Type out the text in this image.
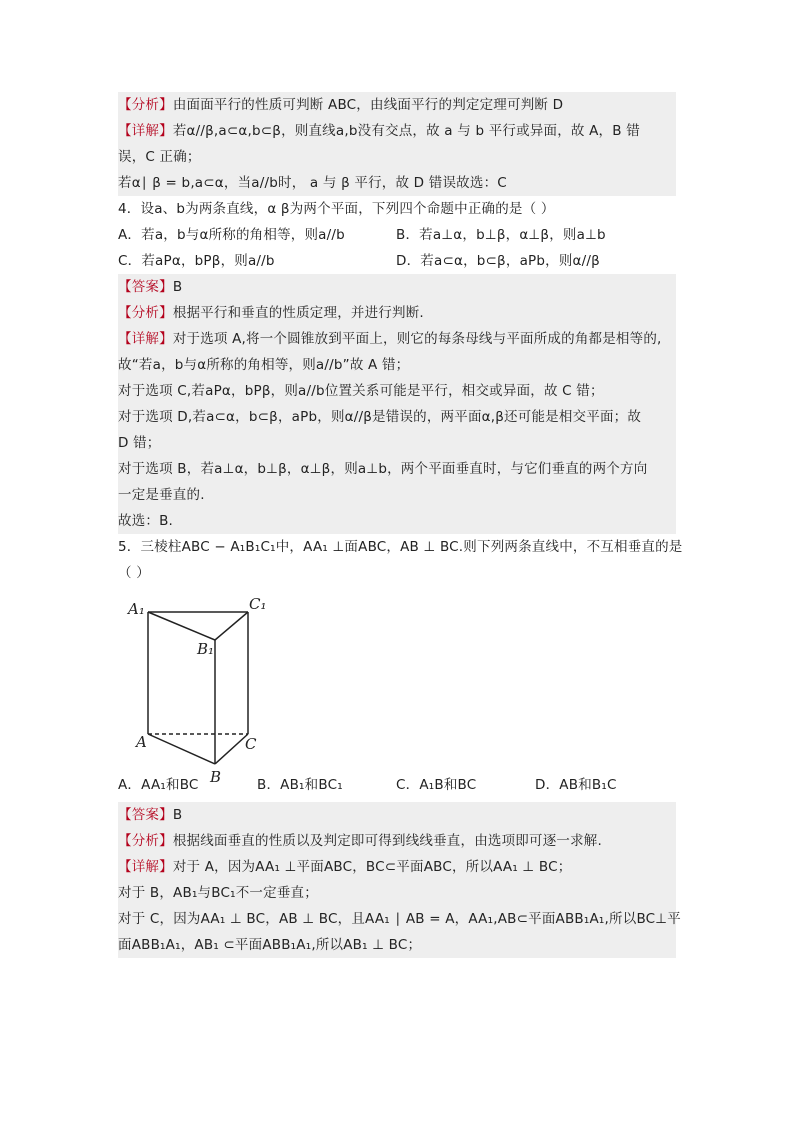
【分析】由面面平行的性质可判断 ABC，由线面平行的判定定理可判断 D
【详解】若α//β,a⊂α,b⊂β，则直线a,b没有交点，故 a 与 b 平行或异面，故 A，B 错
误，C 正确；
若α∣ β = b,a⊂α，当a//b时， a 与 β 平行，故 D 错误故选：C
4．设a、b为两条直线，α β为两个平面，下列四个命题中正确的是（ ）
A．若a，b与α所称的角相等，则a//b	B．若a⊥α，b⊥β，α⊥β，则a⊥b
C．若aPα，bPβ，则a//b	D．若a⊂α，b⊂β，aPb，则α//β
【答案】B
【分析】根据平行和垂直的性质定理，并进行判断.
【详解】对于选项 A,将一个圆锥放到平面上，则它的每条母线与平面所成的角都是相等的,
故“若a，b与α所称的角相等，则a//b”故 A 错；
对于选项 C,若aPα，bPβ，则a//b位置关系可能是平行，相交或异面，故 C 错；
对于选项 D,若a⊂α，b⊂β，aPb，则α//β是错误的，两平面α,β还可能是相交平面；故
D 错；
对于选项 B，若a⊥α，b⊥β，α⊥β，则a⊥b，两个平面垂直时，与它们垂直的两个方向
一定是垂直的.
故选：B.
5．三棱柱ABC − A₁B₁C₁中，AA₁ ⊥面ABC，AB ⊥ BC.则下列两条直线中，不互相垂直的是
（ ）
A₁	C₁
B₁
A	C
B
A．AA₁和BC	B．AB₁和BC₁	C．A₁B和BC	D．AB和B₁C
【答案】B
【分析】根据线面垂直的性质以及判定即可得到线线垂直，由选项即可逐一求解.
【详解】对于 A，因为AA₁ ⊥平面ABC，BC⊂平面ABC，所以AA₁ ⊥ BC；
对于 B，AB₁与BC₁不一定垂直；
对于 C，因为AA₁ ⊥ BC，AB ⊥ BC，且AA₁ ∣ AB = A，AA₁,AB⊂平面ABB₁A₁,所以BC⊥平
面ABB₁A₁，AB₁ ⊂平面ABB₁A₁,所以AB₁ ⊥ BC；
